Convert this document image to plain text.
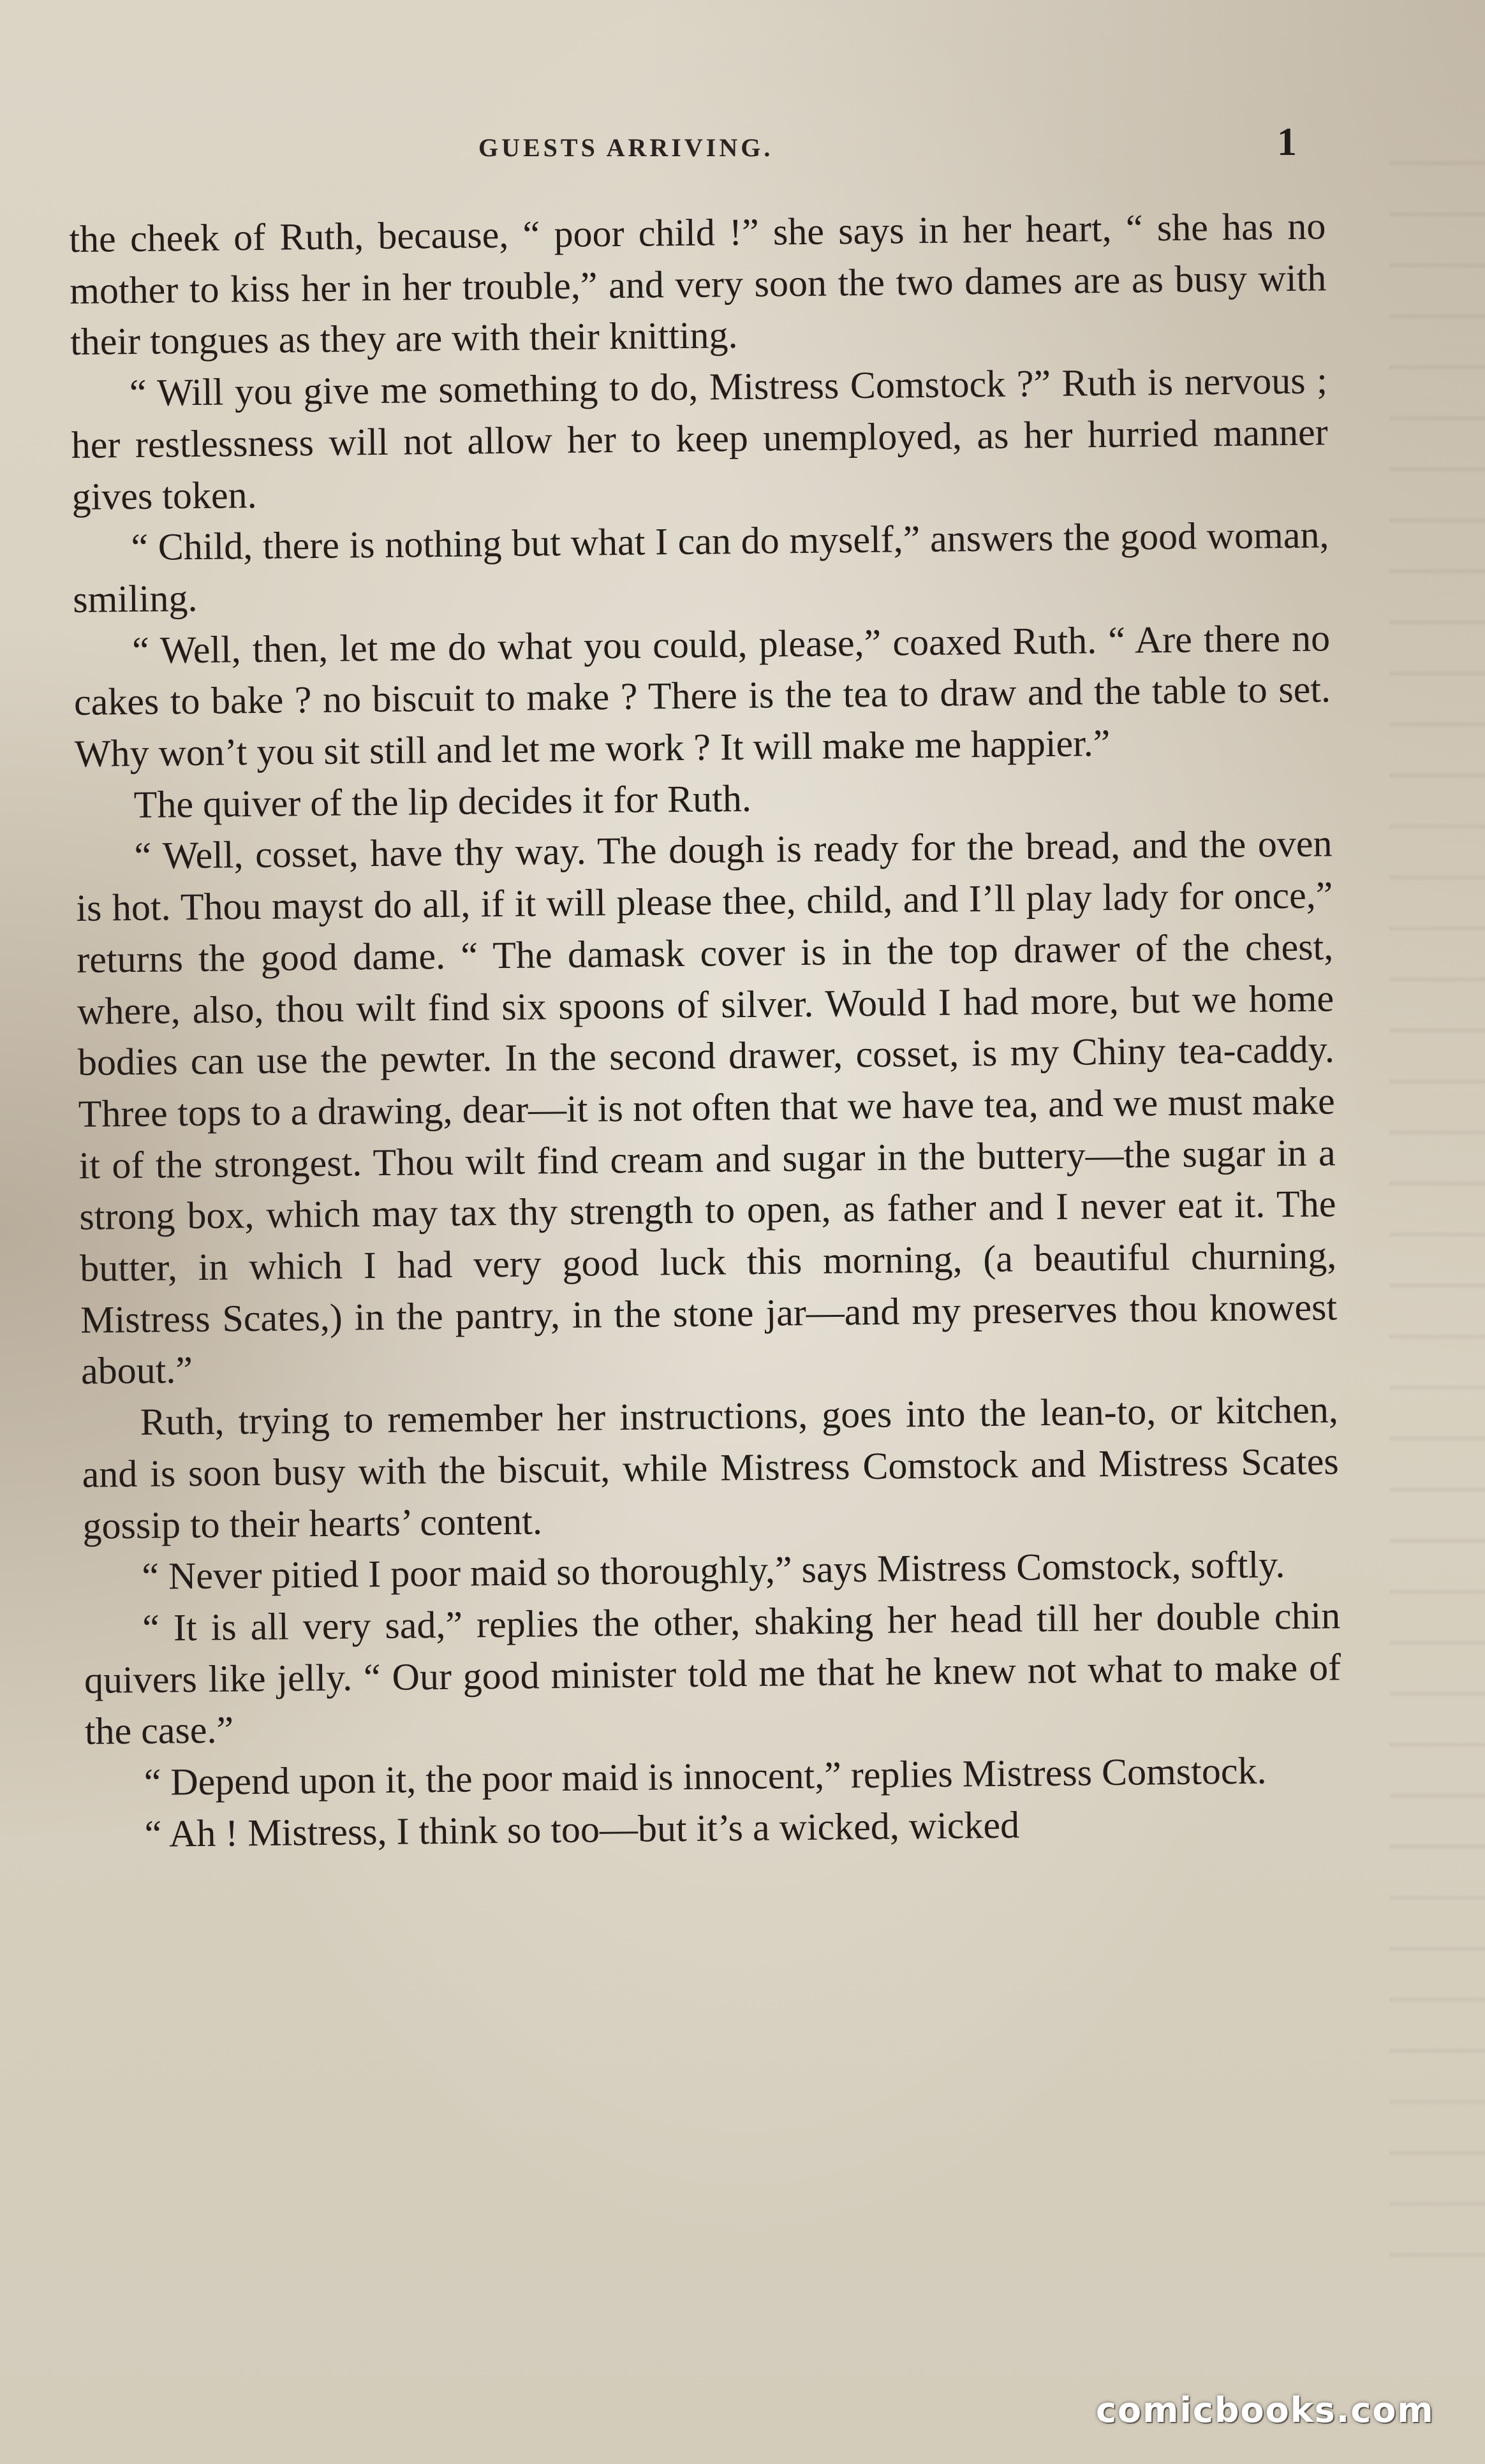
GUESTS ARRIVING.	1

the cheek of Ruth, because, “ poor child !” she says in her heart, “ she has no mother to kiss her in her trouble,” and very soon the two dames are as busy with their tongues as they are with their knitting.

“ Will you give me something to do, Mistress Comstock ?” Ruth is nervous ; her restlessness will not allow her to keep unemployed, as her hurried manner gives token.

“ Child, there is nothing but what I can do myself,” answers the good woman, smiling.

“ Well, then, let me do what you could, please,” coaxed Ruth. “ Are there no cakes to bake ? no biscuit to make ? There is the tea to draw and the table to set. Why won’t you sit still and let me work ? It will make me happier.”

The quiver of the lip decides it for Ruth.

“ Well, cosset, have thy way. The dough is ready for the bread, and the oven is hot. Thou mayst do all, if it will please thee, child, and I’ll play lady for once,” returns the good dame. “ The damask cover is in the top drawer of the chest, where, also, thou wilt find six spoons of silver. Would I had more, but we home bodies can use the pewter. In the second drawer, cosset, is my Chiny tea-caddy. Three tops to a drawing, dear—it is not often that we have tea, and we must make it of the strongest. Thou wilt find cream and sugar in the buttery—the sugar in a strong box, which may tax thy strength to open, as father and I never eat it. The butter, in which I had very good luck this morning, (a beautiful churning, Mistress Scates,) in the pantry, in the stone jar—and my preserves thou knowest about.”

Ruth, trying to remember her instructions, goes into the lean-to, or kitchen, and is soon busy with the biscuit, while Mistress Comstock and Mistress Scates gossip to their hearts’ content.

“ Never pitied I poor maid so thoroughly,” says Mistress Comstock, softly.

“ It is all very sad,” replies the other, shaking her head till her double chin quivers like jelly. “ Our good minister told me that he knew not what to make of the case.”

“ Depend upon it, the poor maid is innocent,” replies Mistress Comstock.

“ Ah ! Mistress, I think so too—but it’s a wicked, wicked

comicbooks.com
